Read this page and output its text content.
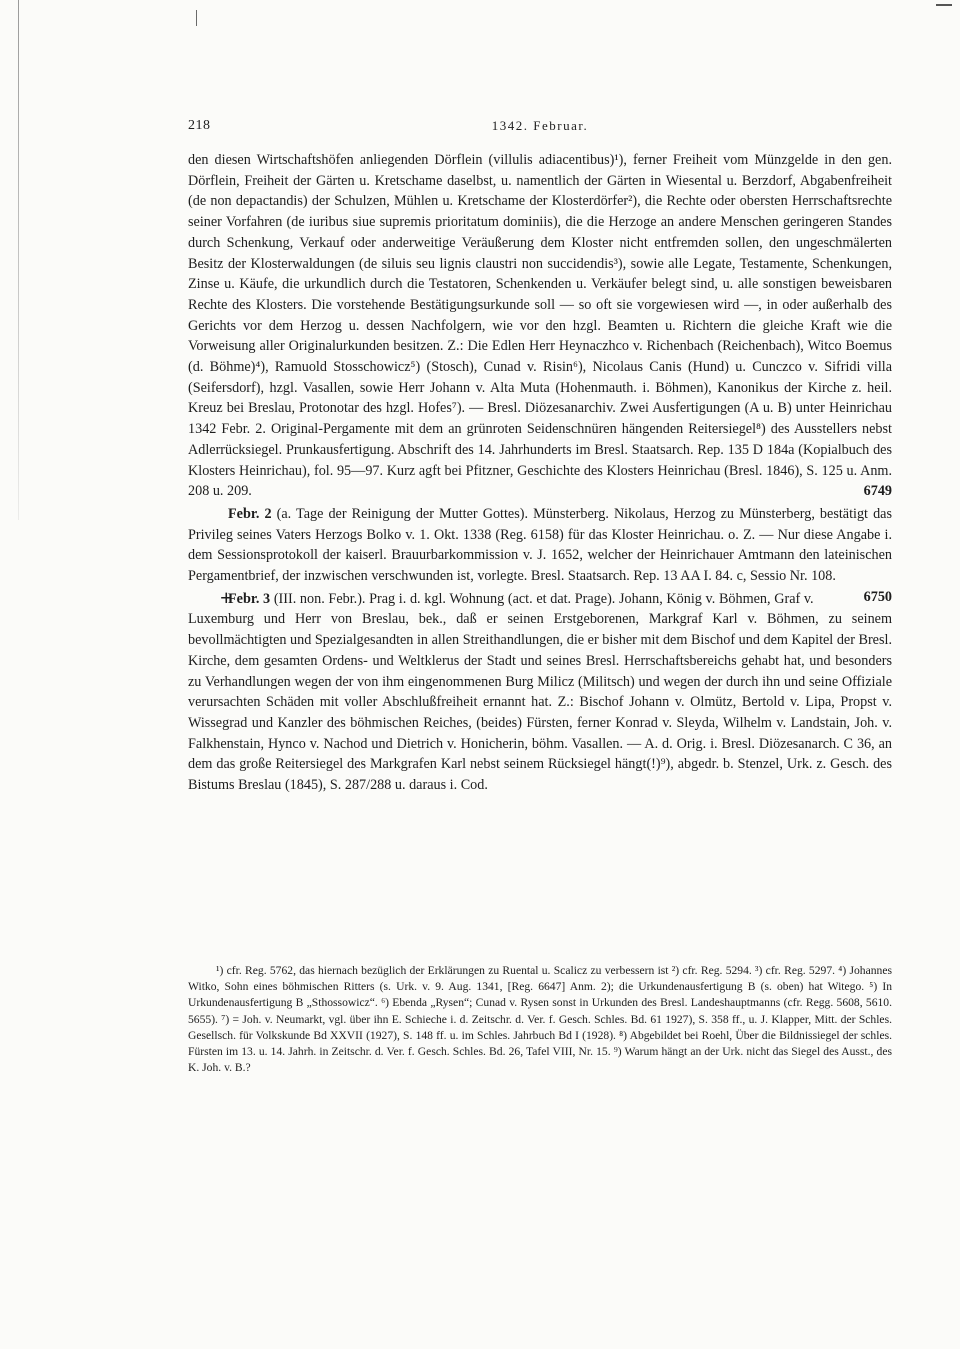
218	1342. Februar.

den diesen Wirtschaftshöfen anliegenden Dörflein (villulis adiacentibus)¹), ferner Freiheit vom Münzgelde in den gen. Dörflein, Freiheit der Gärten u. Kretschame daselbst, u. namentlich der Gärten in Wiesental u. Berzdorf, Abgabenfreiheit (de non depactandis) der Schulzen, Mühlen u. Kretschame der Klosterdörfer²), die Rechte oder obersten Herrschaftsrechte seiner Vorfahren (de iuribus siue supremis prioritatum dominiis), die die Herzoge an andere Menschen geringeren Standes durch Schenkung, Verkauf oder anderweitige Veräußerung dem Kloster nicht entfremden sollen, den ungeschmälerten Besitz der Klosterwaldungen (de siluis seu lignis claustri non succidendis³), sowie alle Legate, Testamente, Schenkungen, Zinse u. Käufe, die urkundlich durch die Testatoren, Schenkenden u. Verkäufer belegt sind, u. alle sonstigen beweisbaren Rechte des Klosters. Die vorstehende Bestätigungsurkunde soll — so oft sie vorgewiesen wird —, in oder außerhalb des Gerichts vor dem Herzog u. dessen Nachfolgern, wie vor den hzgl. Beamten u. Richtern die gleiche Kraft wie die Vorweisung aller Originalurkunden besitzen. Z.: Die Edlen Herr Heynaczhco v. Richenbach (Reichenbach), Witco Boemus (d. Böhme)⁴), Ramuold Stosschowicz⁵) (Stosch), Cunad v. Risin⁶), Nicolaus Canis (Hund) u. Cunczco v. Sifridi villa (Seifersdorf), hzgl. Vasallen, sowie Herr Johann v. Alta Muta (Hohenmauth. i. Böhmen), Kanonikus der Kirche z. heil. Kreuz bei Breslau, Protonotar des hzgl. Hofes⁷). — Bresl. Diözesanarchiv. Zwei Ausfertigungen (A u. B) unter Heinrichau 1342 Febr. 2. Original-Pergamente mit dem an grünroten Seidenschnüren hängenden Reitersiegel⁸) des Ausstellers nebst Adlerrücksiegel. Prunkausfertigung. Abschrift des 14. Jahrhunderts im Bresl. Staatsarch. Rep. 135 D 184a (Kopialbuch des Klosters Heinrichau), fol. 95—97. Kurz agft bei Pfitzner, Geschichte des Klosters Heinrichau (Bresl. 1846), S. 125 u. Anm. 208 u. 209.	6749

Febr. 2 (a. Tage der Reinigung der Mutter Gottes). Münsterberg. Nikolaus, Herzog zu Münsterberg, bestätigt das Privileg seines Vaters Herzogs Bolko v. 1. Okt. 1338 (Reg. 6158) für das Kloster Heinrichau. o. Z. — Nur diese Angabe i. dem Sessionsprotokoll der kaiserl. Brauurbarkommission v. J. 1652, welcher der Heinrichauer Amtmann den lateinischen Pergamentbrief, der inzwischen verschwunden ist, vorlegte. Bresl. Staatsarch. Rep. 13 AA I. 84. c, Sessio Nr. 108.
6750

+
Febr. 3 (III. non. Febr.). Prag i. d. kgl. Wohnung (act. et dat. Prage). Johann, König v. Böhmen, Graf v. Luxemburg und Herr von Breslau, bek., daß er seinen Erstgeborenen, Markgraf Karl v. Böhmen, zu seinem bevollmächtigten und Spezialgesandten in allen Streithandlungen, die er bisher mit dem Bischof und dem Kapitel der Bresl. Kirche, dem gesamten Ordens- und Weltklerus der Stadt und seines Bresl. Herrschaftsbereichs gehabt hat, und besonders zu Verhandlungen wegen der von ihm eingenommenen Burg Milicz (Militsch) und wegen der durch ihn und seine Offiziale verursachten Schäden mit voller Abschlußfreiheit ernannt hat. Z.: Bischof Johann v. Olmütz, Bertold v. Lipa, Propst v. Wissegrad und Kanzler des böhmischen Reiches, (beides) Fürsten, ferner Konrad v. Sleyda, Wilhelm v. Landstain, Joh. v. Falkhenstain, Hynco v. Nachod und Dietrich v. Honicherin, böhm. Vasallen. — A. d. Orig. i. Bresl. Diözesanarch. C 36, an dem das große Reitersiegel des Markgrafen Karl nebst seinem Rücksiegel hängt(!)⁹), abgedr. b. Stenzel, Urk. z. Gesch. des Bistums Breslau (1845), S. 287/288 u. daraus i. Cod.

¹) cfr. Reg. 5762, das hiernach bezüglich der Erklärungen zu Ruental u. Scalicz zu verbessern ist ²) cfr. Reg. 5294. ³) cfr. Reg. 5297. ⁴) Johannes Witko, Sohn eines böhmischen Ritters (s. Urk. v. 9. Aug. 1341, [Reg. 6647] Anm. 2); die Urkundenausfertigung B (s. oben) hat Witego. ⁵) In Urkundenausfertigung B „Sthossowicz“. ⁶) Ebenda „Rysen“; Cunad v. Rysen sonst in Urkunden des Bresl. Landeshauptmanns (cfr. Regg. 5608, 5610. 5655). ⁷) = Joh. v. Neumarkt, vgl. über ihn E. Schieche i. d. Zeitschr. d. Ver. f. Gesch. Schles. Bd. 61 1927), S. 358 ff., u. J. Klapper, Mitt. der Schles. Gesellsch. für Volkskunde Bd XXVII (1927), S. 148 ff. u. im Schles. Jahrbuch Bd I (1928). ⁸) Abgebildet bei Roehl, Über die Bildnissiegel der schles. Fürsten im 13. u. 14. Jahrh. in Zeitschr. d. Ver. f. Gesch. Schles. Bd. 26, Tafel VIII, Nr. 15. ⁹) Warum hängt an der Urk. nicht das Siegel des Ausst., des K. Joh. v. B.?
